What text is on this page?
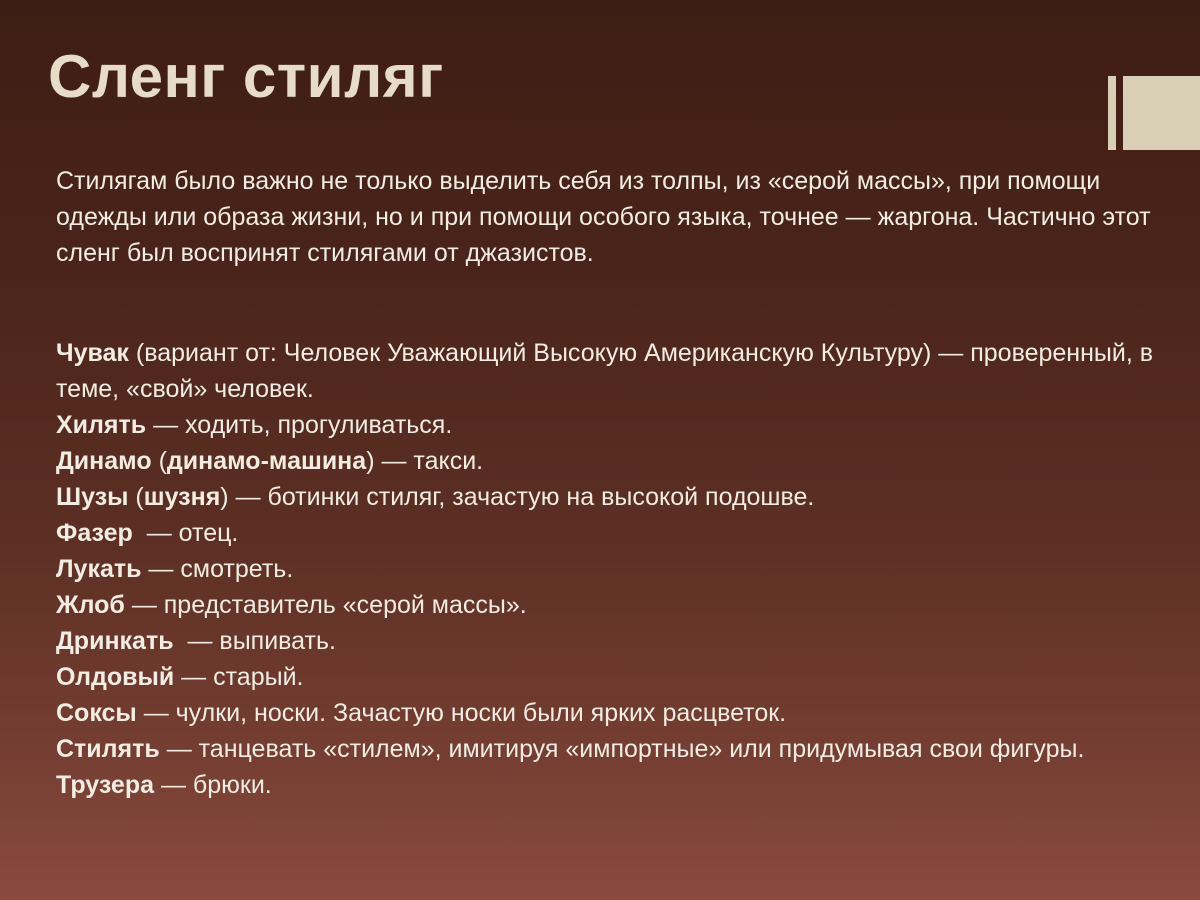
Сленг стиляг

Стилягам было важно не только выделить себя из толпы, из «серой массы», при помощи одежды или образа жизни, но и при помощи особого языка, точнее — жаргона. Частично этот сленг был воспринят стилягами от джазистов.

Чувак (вариант от: Человек Уважающий Высокую Американскую Культуру) — проверенный, в теме, «свой» человек.
Хилять — ходить, прогуливаться.
Динамо (динамо-машина) — такси.
Шузы (шузня) — ботинки стиляг, зачастую на высокой подошве.
Фазер  — отец.
Лукать — смотреть.
Жлоб — представитель «серой массы».
Дринкать  — выпивать.
Олдовый — старый.
Соксы — чулки, носки. Зачастую носки были ярких расцветок.
Стилять — танцевать «стилем», имитируя «импортные» или придумывая свои фигуры.
Трузера — брюки.
